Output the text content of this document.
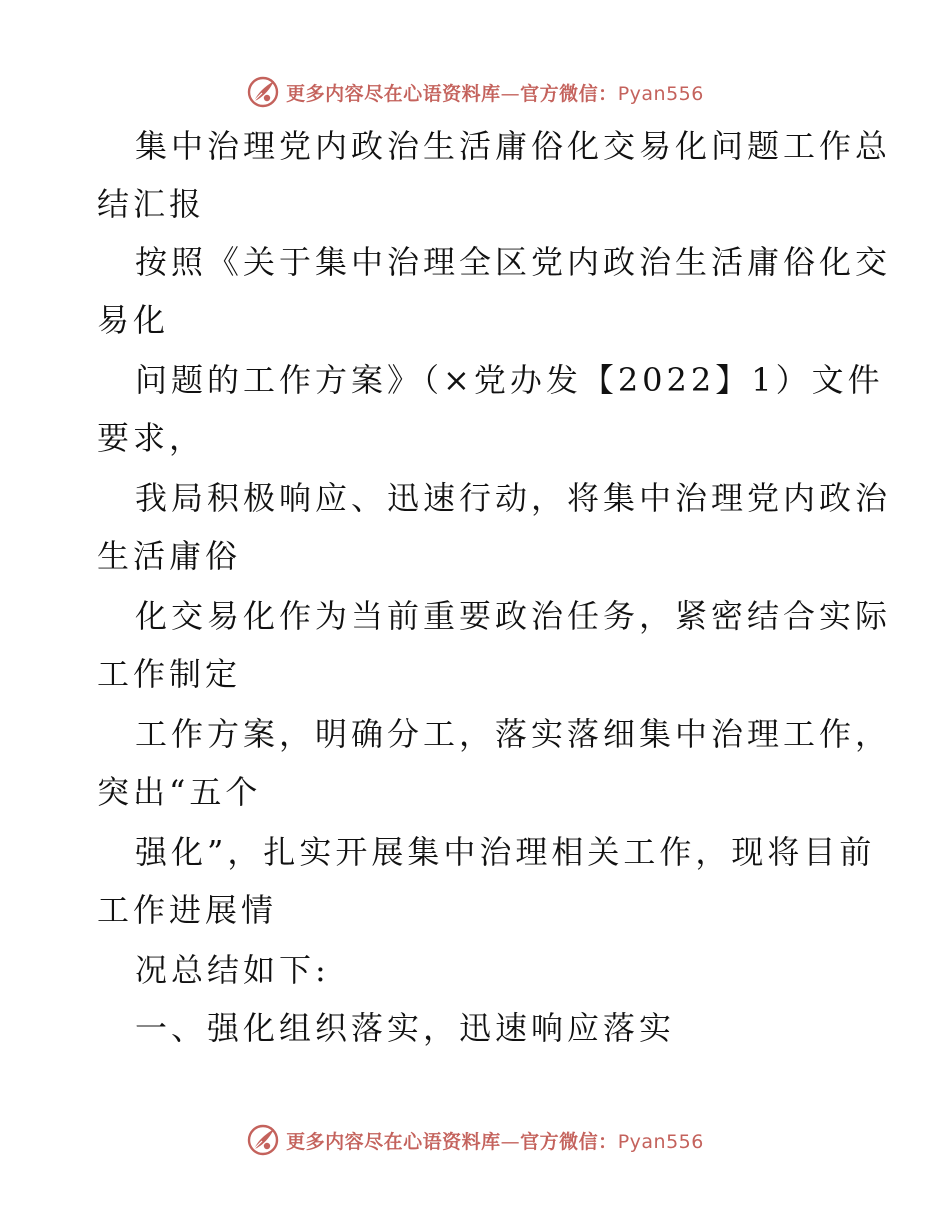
更多内容尽在心语资料库—官方微信：Pyan556
集中治理党内政治生活庸俗化交易化问题工作总
结汇报
按照《关于集中治理全区党内政治生活庸俗化交
易化
问题的工作方案》（×党办发【2022】1）文件
要求，
我局积极响应、迅速行动，将集中治理党内政治
生活庸俗
化交易化作为当前重要政治任务，紧密结合实际
工作制定
工作方案，明确分工，落实落细集中治理工作，
突出“五个
强化”，扎实开展集中治理相关工作，现将目前
工作进展情
况总结如下:
一、强化组织落实，迅速响应落实
更多内容尽在心语资料库—官方微信：Pyan556
